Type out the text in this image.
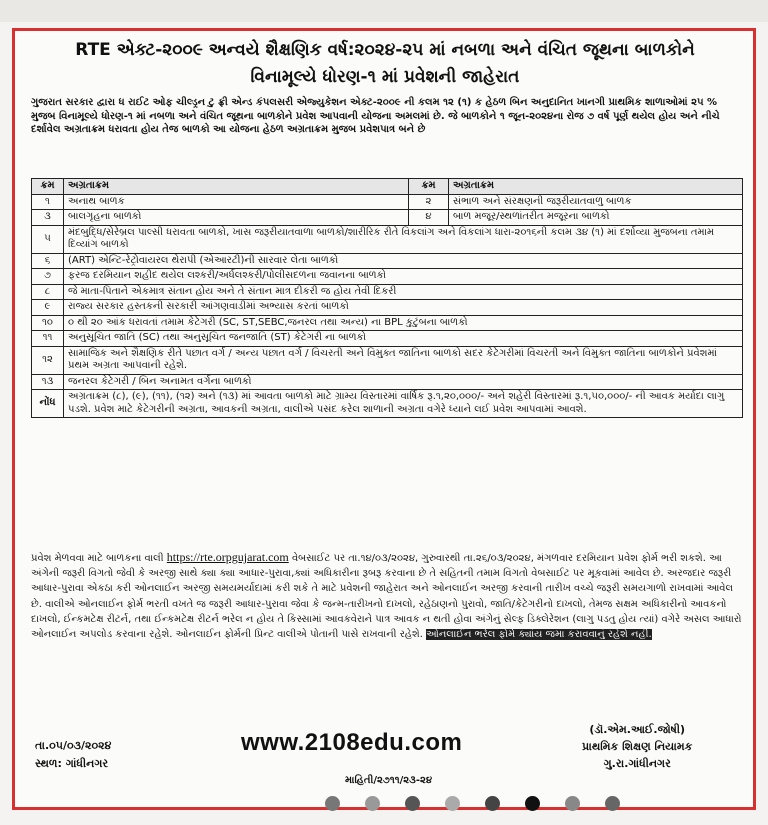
RTE એક્ટ-૨૦૦૯ અન્વયે શૈક્ષણિક વર્ષ:૨૦૨૪-૨૫ માં નબળા અને વંચિત જૂથના બાળકોને
વિનામૂલ્યે ધોરણ-૧ માં પ્રવેશની જાહેરાત
ગુજરાત સરકાર દ્વારા ધ રાઈટ ઓફ ચીલ્ડ્રન ટુ ફ્રી એન્ડ કંપલસરી એજ્યુકેશન એક્ટ-૨૦૦૯ ની કલમ ૧૨ (૧) ક હેઠળ બિન અનુદાનિત ખાનગી પ્રાથમિક શાળાઓમાં ૨૫ % મુજબ વિનામૂલ્યે ધોરણ-૧ માં નબળા અને વંચિત જૂથના બાળકોને પ્રવેશ આપવાની યોજના અમલમાં છે. જે બાળકોને ૧ જૂન-૨૦૨૪ના રોજ ૭ વર્ષ પૂર્ણ થયેલ હોય અને નીચે દર્શાવેલ અગ્રતાક્રમ ધરાવતા હોય તેજ બાળકો આ યોજના હેઠળ અગ્રતાક્રમ મુજબ પ્રવેશપાત્ર બને છે
ક્રમ	અગ્રતાક્રમ	ક્રમ	અગ્રતાક્રમ
૧	અનાથ બાળક	૨	સંભાળ અને સંરક્ષણની જરૂરીયાતવાળુ બાળક
૩	બાલગૃહના બાળકો	૪	બાળ મજૂર/સ્થળાંતરીત મજૂરના બાળકો
૫	મંદબુદ્ધિ/સેરેબ્રલ પાલ્સી ધરાવતા બાળકો, ખાસ જરૂરીયાતવાળા બાળકો/શારીરિક રીતે વિકલાંગ અને વિકલાંગ ધારા-૨૦૧૬ની કલમ ૩૪ (૧) માં દર્શાવ્યા મુજબના તમામ દિવ્યાંગ બાળકો		
૬	(ART) એન્ટિ-રેટ્રોવાયરલ થેરાપી (એઆરટી)ની સારવાર લેતા બાળકો		
૭	ફરજ દરમિયાન શહીદ થયેલ લશ્કરી/અર્ધલશ્કરી/પોલીસદળના જવાનના બાળકો		
૮	જે માતા-પિતાને એકમાત્ર સંતાન હોય અને તે સંતાન માત્ર દીકરી જ હોય તેવી દિકરી		
૯	રાજ્ય સરકાર હસ્તકની સરકારી આંગણવાડીમાં અભ્યાસ કરતાં બાળકો		
૧૦	૦ થી ૨૦ આંક ધરાવતાં તમામ કેટેગરી (SC, ST,SEBC,જનરલ તથા અન્ય) ના BPL કુટુંબના બાળકો		
૧૧	અનુસૂચિત જાતિ (SC) તથા અનુસૂચિત જનજાતિ (ST) કેટેગરી ના બાળકો		
૧૨	સામાજિક અને શૈક્ષણિક રીતે પછાત વર્ગ / અન્ય પછાત વર્ગ / વિચરતી અને વિમુક્ત જાતિના બાળકો સદર કેટેગરીમાં વિચરતી અને વિમુક્ત જાતિના બાળકોને પ્રવેશમાં પ્રથમ અગ્રતા આપવાની રહેશે.		
૧૩	જનરલ કેટેગરી / બિન અનામત વર્ગના બાળકો		
નોંધ	અગ્રતાક્રમ (૮), (૯), (૧૧), (૧૨) અને (૧૩) માં આવતા બાળકો માટે ગ્રામ્ય વિસ્તારમાં વાર્ષિક રૂ.૧,૨૦,૦૦૦/- અને શહેરી વિસ્તારમાં રૂ.૧,૫૦,૦૦૦/- ની આવક મર્યાદા લાગુ પડશે. પ્રવેશ માટે કેટેગરીની અગ્રતા, આવકની અગ્રતા, વાલીએ પસંદ કરેલ શાળાની અગ્રતા વગેરે ધ્યાને લઈ પ્રવેશ આપવામાં આવશે.		
પ્રવેશ મેળવવા માટે બાળકના વાલી https://rte.orpgujarat.com વેબસાઈટ પર તા.૧૪/૦૩/૨૦૨૪, ગુરુવારથી તા.૨૬/૦૩/૨૦૨૪, મંગળવાર દરમિયાન પ્રવેશ ફોર્મ ભરી શકશે. આ અંગેની જરૂરી વિગતો જેવી કે અરજી સાથે ક્યા ક્યા આધાર-પુરાવા,ક્યાં અધિકારીના રૂબરૂ કરવાના છે તે સહિતની તમામ વિગતો વેબસાઈટ પર મૂકવામાં આવેલ છે. અરજદાર જરૂરી આધાર-પુરાવા એકઠા કરી ઓનલાઈન અરજી સમયમર્યાદામાં કરી શકે તે માટે પ્રવેશની જાહેરાત અને ઓનલાઈન અરજી કરવાની તારીખ વચ્ચે જરૂરી સમયગાળો રાખવામાં આવેલ છે. વાલીએ ઓનલાઈન ફોર્મ ભરતી વખતે જ જરૂરી આધાર-પુરાવા જેવા કે જન્મ-તારીખનો દાખલો, રહેઠાણનો પુરાવો, જાતિ/કેટેગરીનો દાખલો, તેમજ સક્ષમ અધિકારીનો આવકનો દાખલો, ઈન્કમટેક્ષ રીટર્ન, તથા ઈન્કમટેક્ષ રીટર્ન ભરેલ ન હોય તે કિસ્સામાં આવકવેરાને પાત્ર આવક ન થતી હોવા અંગેનું સેલ્ફ ડિક્લેરેશન (લાગુ પડતુ હોય ત્યાં) વગેરે અસલ આધારો ઓનલાઈન અપલોડ કરવાના રહેશે. ઓનલાઈન ફોર્મની પ્રિન્ટ વાલીએ પોતાની પાસે રાખવાની રહેશે. ઓનલાઈન ભરેલ ફોર્મ ક્યાંય જમા કરાવવાનું રહેશે નહી.
તા.૦૫/૦૩/૨૦૨૪
સ્થળ: ગાંધીનગર
www.2108edu.com	(ડૉ.એમ.આઈ.જોષી)
પ્રાથમિક શિક્ષણ નિયામક
ગુ.રા.ગાંધીનગર
માહિતી/૨૭૧૧/૨૩-૨૪
